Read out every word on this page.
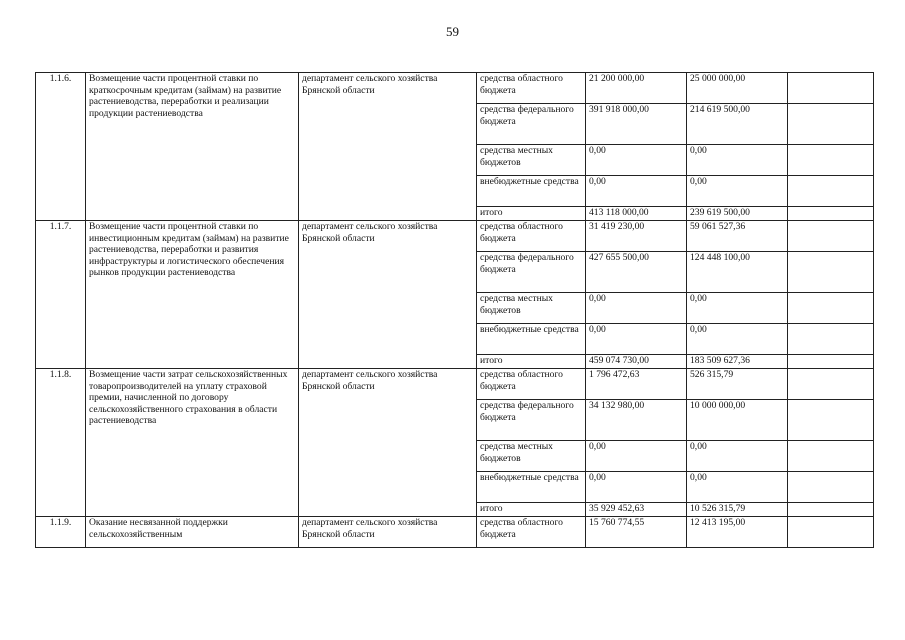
59
1.1.6.	Возмещение части процентной ставки по краткосрочным кредитам (займам) на развитие растениеводства, переработки и реализации продукции растениеводства	департамент сельского хозяйства Брянской области	средства областного бюджета	21 200 000,00	25 000 000,00	
			средства федерального бюджета	391 918 000,00	214 619 500,00	
			средства местных бюджетов	0,00	0,00	
			внебюджетные средства	0,00	0,00	
			итого	413 118 000,00	239 619 500,00	
1.1.7.	Возмещение части процентной ставки по инвестиционным кредитам (займам) на развитие растениеводства, переработки и развития инфраструктуры и логистического обеспечения рынков продукции растениеводства	департамент сельского хозяйства Брянской области	средства областного бюджета	31 419 230,00	59 061 527,36	
			средства федерального бюджета	427 655 500,00	124 448 100,00	
			средства местных бюджетов	0,00	0,00	
			внебюджетные средства	0,00	0,00	
			итого	459 074 730,00	183 509 627,36	
1.1.8.	Возмещение части затрат сельскохозяйственных товаропроизводителей на уплату страховой премии, начисленной по договору сельскохозяйственного страхования в области растениеводства	департамент сельского хозяйства Брянской области	средства областного бюджета	1 796 472,63	526 315,79	
			средства федерального бюджета	34 132 980,00	10 000 000,00	
			средства местных бюджетов	0,00	0,00	
			внебюджетные средства	0,00	0,00	
			итого	35 929 452,63	10 526 315,79	
1.1.9.	Оказание несвязанной поддержки сельскохозяйственным	департамент сельского хозяйства Брянской области	средства областного бюджета	15 760 774,55	12 413 195,00	
